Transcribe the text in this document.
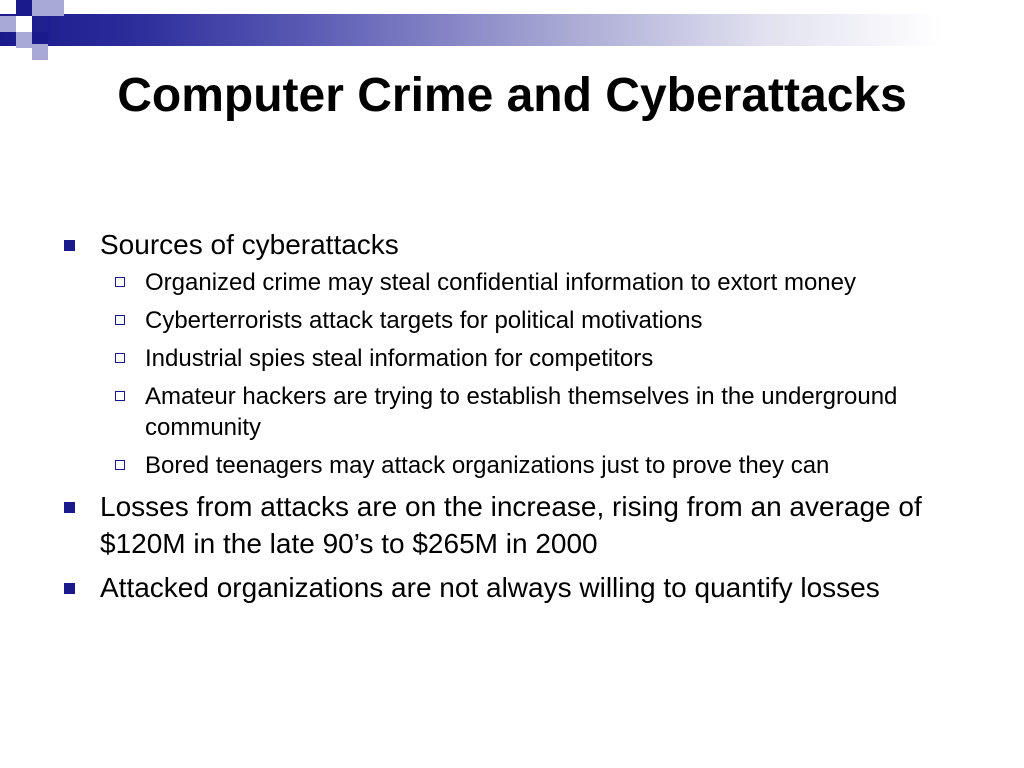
Computer Crime and Cyberattacks
Sources of cyberattacks
Organized crime may steal confidential information to extort money
Cyberterrorists attack targets for political motivations
Industrial spies steal information for competitors
Amateur hackers are trying to establish themselves in the underground community
Bored teenagers may attack organizations just to prove they can
Losses from attacks are on the increase, rising from an average of $120M in the late 90’s to $265M in 2000
Attacked organizations are not always willing to quantify losses
